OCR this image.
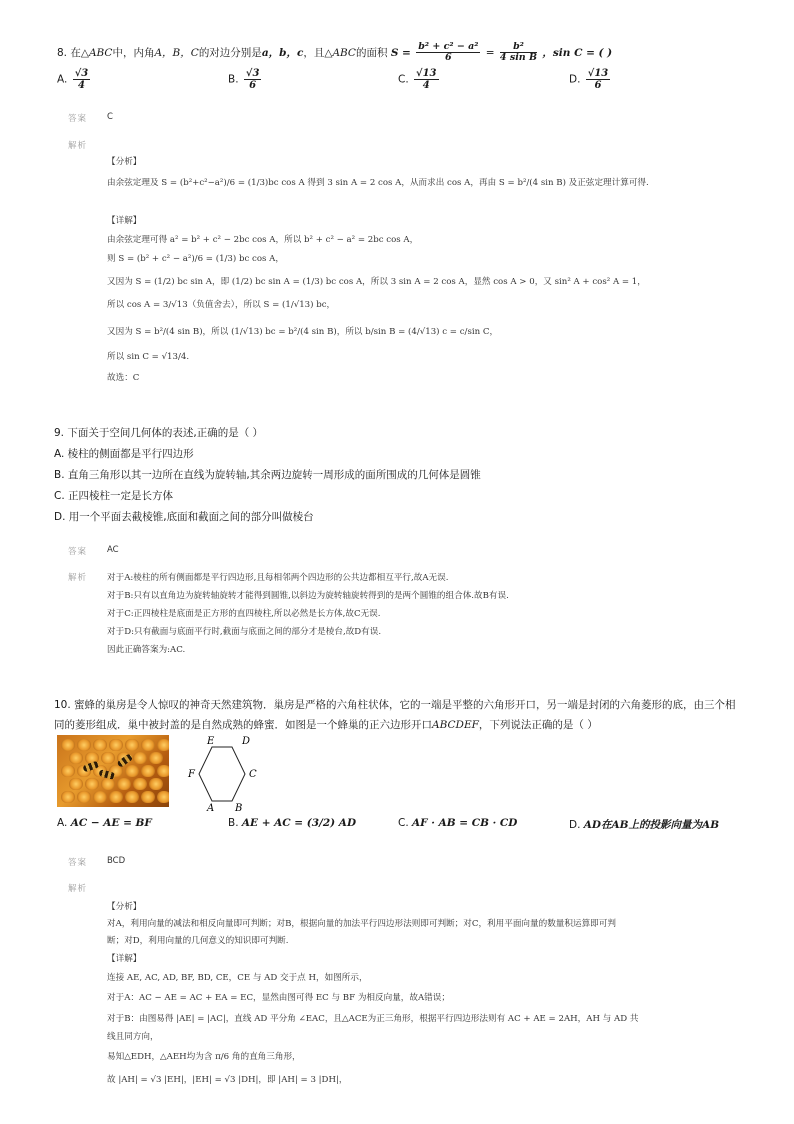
8. 在△ABC中，内角A，B，C的对边分别是a，b，c，且△ABC的面积 $S = \frac{\text{b² + c² − a²}}{6} = \frac{\text{b²}}{\text{4 sin B}}$ ，sin C = ( )
A. $\frac{√3}{4}$	B. $\frac{√3}{6}$	C. $\frac{√13}{4}$	D. $\frac{√13}{6}$
答案 C
解析
【分析】
由余弦定理及 S = (b²+c²−a²)/6 = (1/3)bc cos A 得到 3 sin A = 2 cos A，从而求出 cos A，再由 S = b²/(4 sin B) 及正弦定理计算可得.
【详解】
由余弦定理可得 a² = b² + c² − 2bc cos A，所以 b² + c² − a² = 2bc cos A，
则 S = (b² + c² − a²)/6 = (1/3) bc cos A，
又因为 S = (1/2) bc sin A，即 (1/2) bc sin A = (1/3) bc cos A，所以 3 sin A = 2 cos A，显然 cos A > 0，又 sin² A + cos² A = 1，
所以 cos A = 3/√13（负值舍去），所以 S = (1/√13) bc，
又因为 S = b²/(4 sin B)，所以 (1/√13) bc = b²/(4 sin B)，所以 b/sin B = (4/√13) c = c/sin C，
所以 sin C = √13/4.
故选：C
9. 下面关于空间几何体的表述,正确的是（ ）
A. 棱柱的侧面都是平行四边形
B. 直角三角形以其一边所在直线为旋转轴,其余两边旋转一周形成的面所围成的几何体是圆锥
C. 正四棱柱一定是长方体
D. 用一个平面去截棱锥,底面和截面之间的部分叫做棱台
答案 AC
解析 对于A:棱柱的所有侧面都是平行四边形,且每相邻两个四边形的公共边都相互平行,故A无误.
对于B:只有以直角边为旋转轴旋转才能得到圆锥,以斜边为旋转轴旋转得到的是两个圆锥的组合体.故B有误.
对于C:正四棱柱是底面是正方形的直四棱柱,所以必然是长方体,故C无误.
对于D:只有截面与底面平行时,截面与底面之间的部分才是棱台,故D有误.
因此正确答案为:AC.
10. 蜜蜂的巢房是令人惊叹的神奇天然建筑物．巢房是严格的六角柱状体，它的一端是平整的六角形开口，另一端是封闭的六角菱形的底，由三个相
同的菱形组成．巢中被封盖的是自然成熟的蜂蜜．如图是一个蜂巢的正六边形开口ABCDEF，下列说法正确的是（ ）
A B
C
D
E
F
A. AC − AE = BF	B. AE + AC = (3/2) AD	C. AF · AB = CB · CD	D. AD在AB上的投影向量为AB
答案 BCD
解析
【分析】
对A，利用向量的减法和相反向量即可判断；对B，根据向量的加法平行四边形法则即可判断；对C，利用平面向量的数量积运算即可判
断；对D，利用向量的几何意义的知识即可判断.
【详解】
连接 AE, AC, AD, BF, BD, CE，CE 与 AD 交于点 H，如图所示，
对于A：AC − AE = AC + EA = EC，显然由图可得 EC 与 BF 为相反向量，故A错误；
对于B：由图易得 |AE| = |AC|，直线 AD 平分角 ∠EAC，且△ACE为正三角形，根据平行四边形法则有 AC + AE = 2AH，AH 与 AD 共
线且同方向，
易知△EDH，△AEH均为含 π/6 角的直角三角形，
故 |AH| = √3 |EH|，|EH| = √3 |DH|，即 |AH| = 3 |DH|，
